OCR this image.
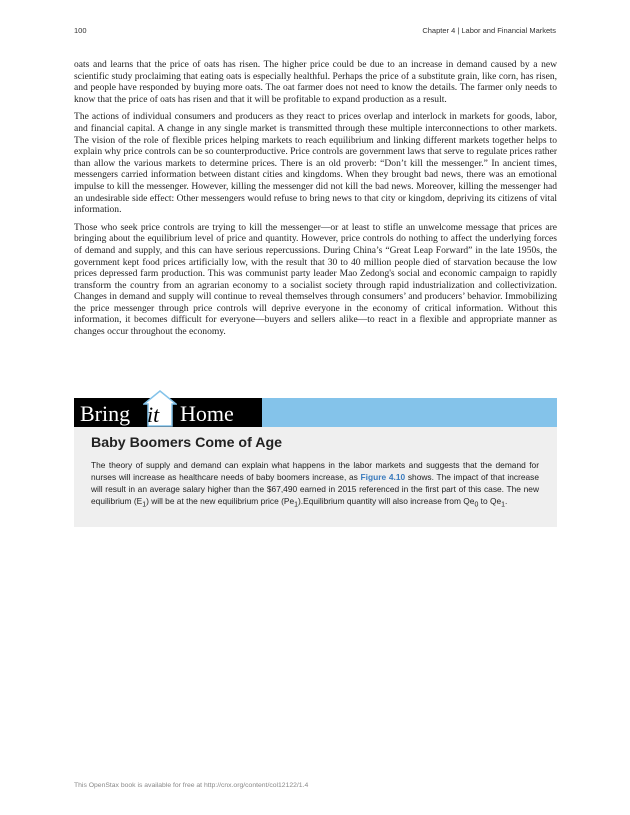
100	Chapter 4 | Labor and Financial Markets

oats and learns that the price of oats has risen. The higher price could be due to an increase in demand caused by a new scientific study proclaiming that eating oats is especially healthful. Perhaps the price of a substitute grain, like corn, has risen, and people have responded by buying more oats. The oat farmer does not need to know the details. The farmer only needs to know that the price of oats has risen and that it will be profitable to expand production as a result.

The actions of individual consumers and producers as they react to prices overlap and interlock in markets for goods, labor, and financial capital. A change in any single market is transmitted through these multiple interconnections to other markets. The vision of the role of flexible prices helping markets to reach equilibrium and linking different markets together helps to explain why price controls can be so counterproductive. Price controls are government laws that serve to regulate prices rather than allow the various markets to determine prices. There is an old proverb: “Don’t kill the messenger.” In ancient times, messengers carried information between distant cities and kingdoms. When they brought bad news, there was an emotional impulse to kill the messenger. However, killing the messenger did not kill the bad news. Moreover, killing the messenger had an undesirable side effect: Other messengers would refuse to bring news to that city or kingdom, depriving its citizens of vital information.

Those who seek price controls are trying to kill the messenger—or at least to stifle an unwelcome message that prices are bringing about the equilibrium level of price and quantity. However, price controls do nothing to affect the underlying forces of demand and supply, and this can have serious repercussions. During China’s “Great Leap Forward” in the late 1950s, the government kept food prices artificially low, with the result that 30 to 40 million people died of starvation because the low prices depressed farm production. This was communist party leader Mao Zedong's social and economic campaign to rapidly transform the country from an agrarian economy to a socialist society through rapid industrialization and collectivization. Changes in demand and supply will continue to reveal themselves through consumers’ and producers’ behavior. Immobilizing the price messenger through price controls will deprive everyone in the economy of critical information. Without this information, it becomes difficult for everyone—buyers and sellers alike—to react in a flexible and appropriate manner as changes occur throughout the economy.

Bring it Home
Baby Boomers Come of Age
The theory of supply and demand can explain what happens in the labor markets and suggests that the demand for nurses will increase as healthcare needs of baby boomers increase, as Figure 4.10 shows. The impact of that increase will result in an average salary higher than the $67,490 earned in 2015 referenced in the first part of this case. The new equilibrium $(E_1)$ will be at the new equilibrium price $(Pe_1).Equilibrium$ quantity will also increase from $Qe_0$ to $Qe_1$.
This OpenStax book is available for free at http://cnx.org/content/col12122/1.4
